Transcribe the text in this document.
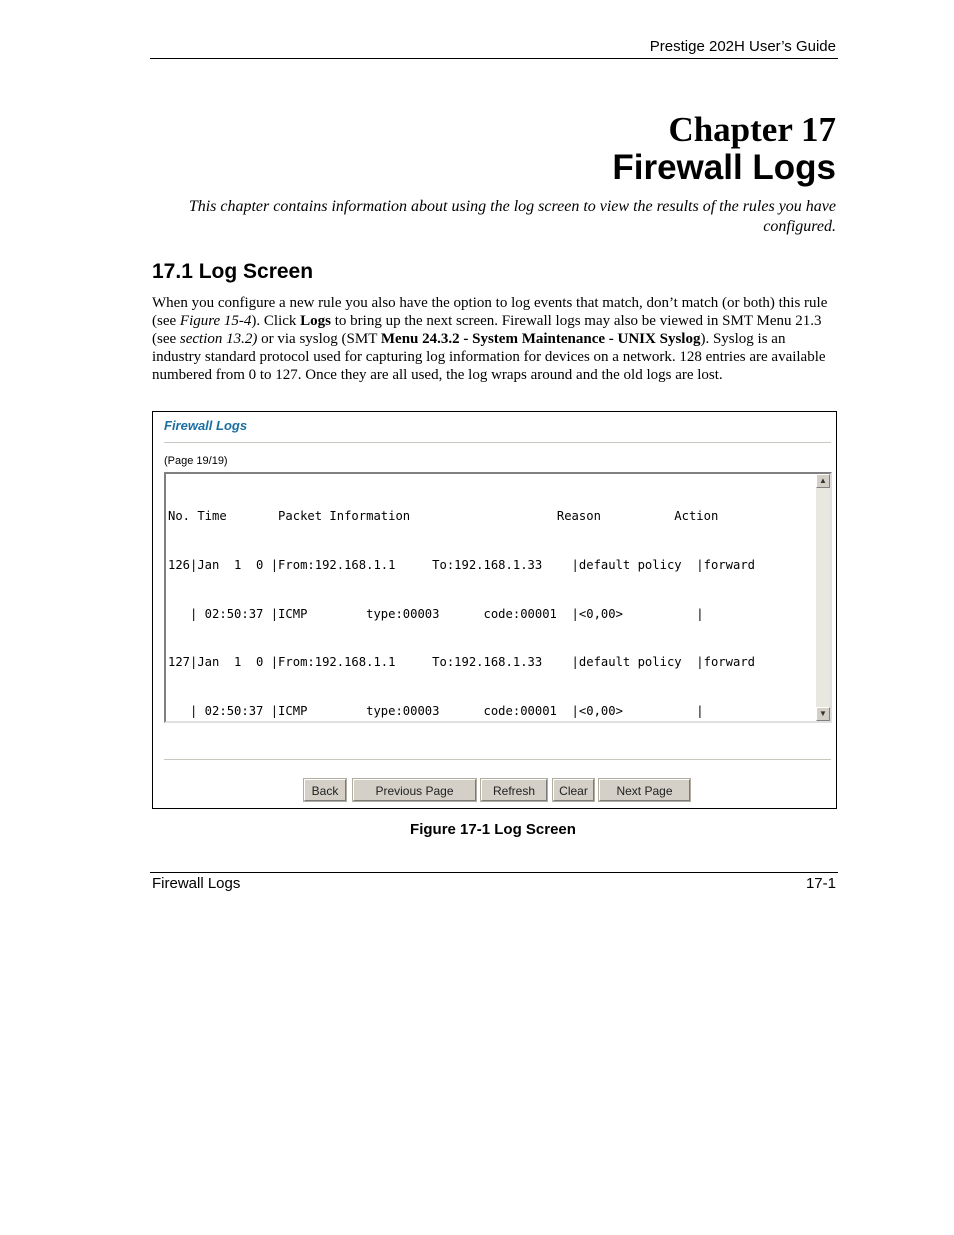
Prestige 202H User’s Guide
Chapter 17
Firewall Logs
This chapter contains information about using the log screen to view the results of the rules you have configured.
17.1 Log Screen
When you configure a new rule you also have the option to log events that match, don’t match (or both) this rule (see Figure 15-4). Click Logs to bring up the next screen. Firewall logs may also be viewed in SMT Menu 21.3 (see section 13.2) or via syslog (SMT Menu 24.3.2 - System Maintenance - UNIX Syslog). Syslog is an industry standard protocol used for capturing log information for devices on a network. 128 entries are available numbered from 0 to 127. Once they are all used, the log wraps around and the old logs are lost.
Firewall Logs
(Page 19/19)

No. Time       Packet Information                    Reason          Action

126|Jan  1  0 |From:192.168.1.1     To:192.168.1.33    |default policy  |forward

| 02:50:37 |ICMP        type:00003      code:00001  |<0,00>          |

127|Jan  1  0 |From:192.168.1.1     To:192.168.1.33    |default policy  |forward

| 02:50:37 |ICMP        type:00003      code:00001  |<0,00>          |

▲
▼
Back	Previous Page	Refresh	Clear	Next Page
Figure 17-1 Log Screen
Firewall Logs	17-1
